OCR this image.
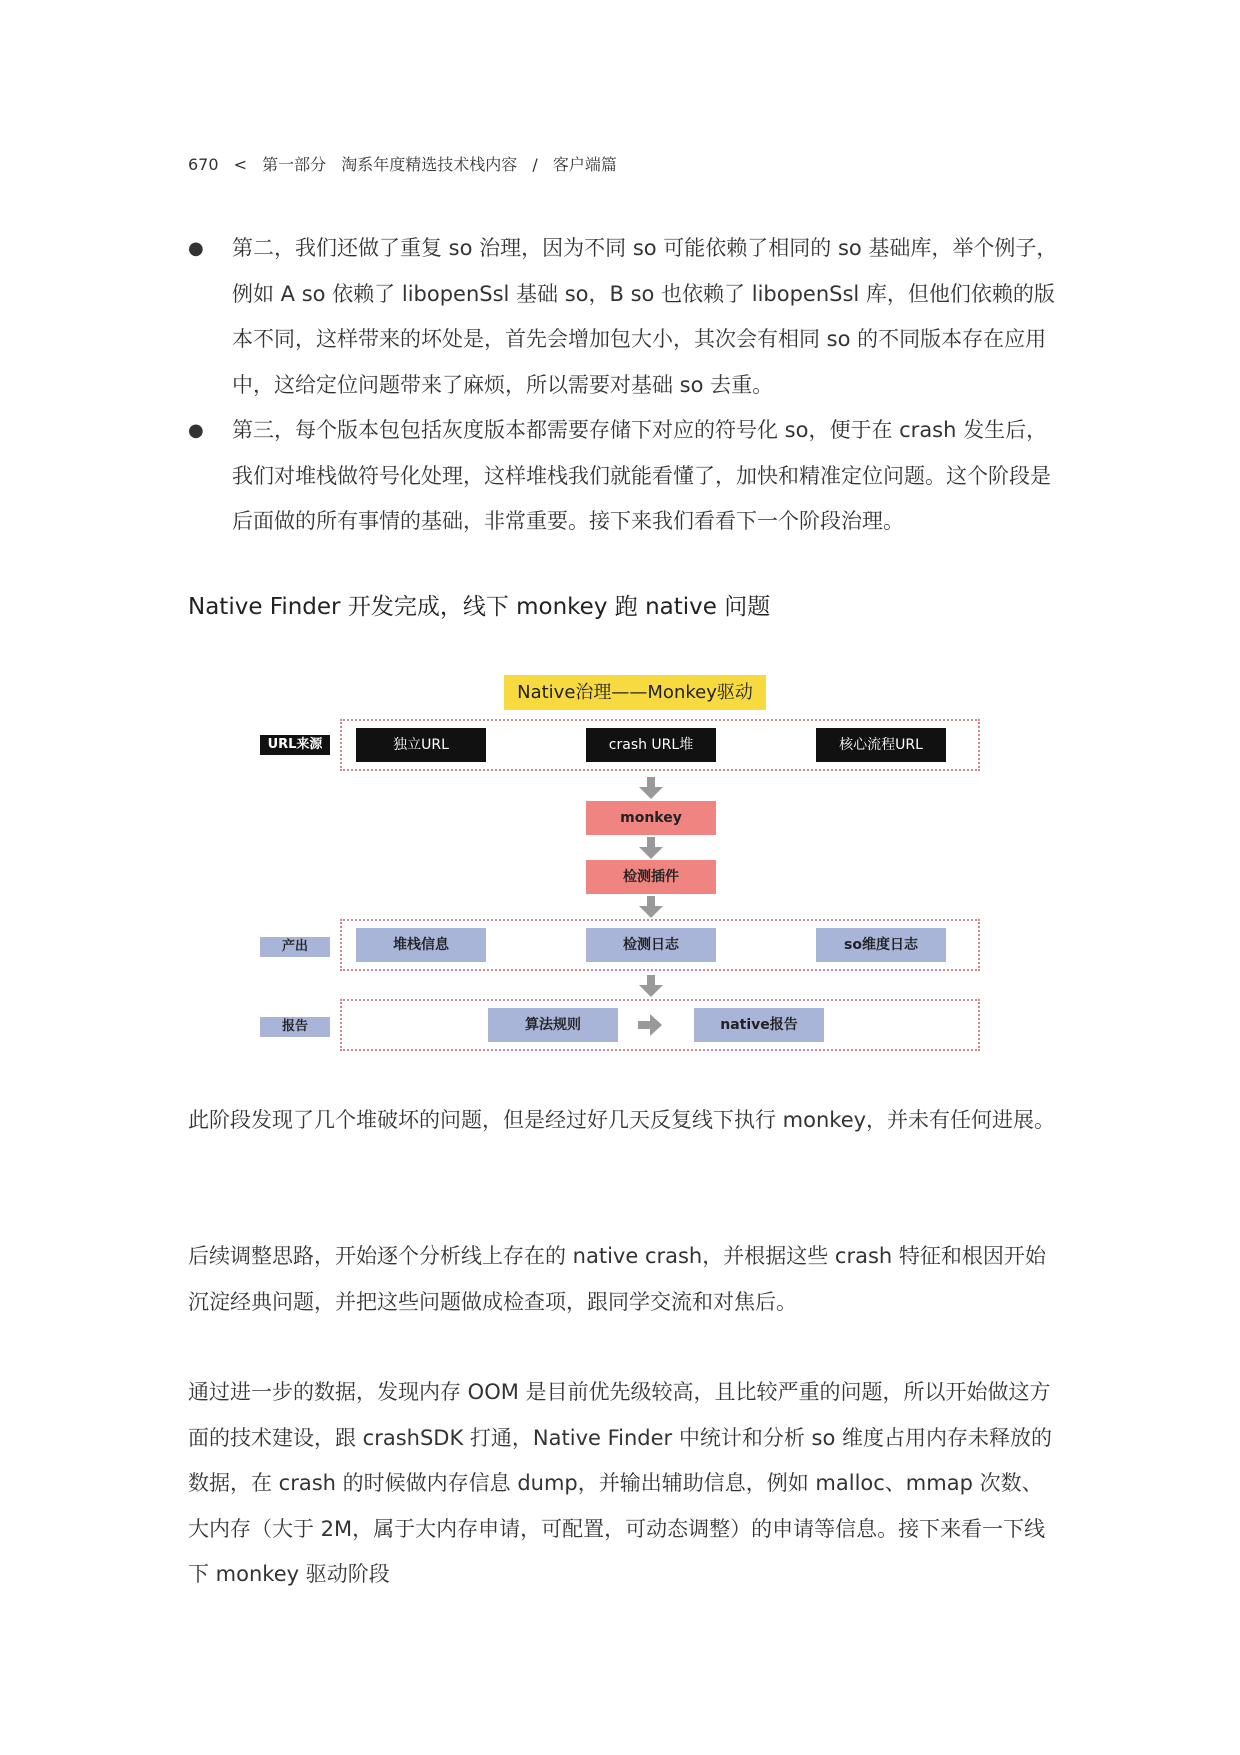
670 < 第一部分 淘系年度精选技术栈内容 / 客户端篇
● 第二，我们还做了重复 so 治理，因为不同 so 可能依赖了相同的 so 基础库，举个例子，例如 A so 依赖了 libopenSsl 基础 so，B so 也依赖了 libopenSsl 库，但他们依赖的版本不同，这样带来的坏处是，首先会增加包大小，其次会有相同 so 的不同版本存在应用中，这给定位问题带来了麻烦，所以需要对基础 so 去重。
● 第三，每个版本包包括灰度版本都需要存储下对应的符号化 so，便于在 crash 发生后，我们对堆栈做符号化处理，这样堆栈我们就能看懂了，加快和精准定位问题。这个阶段是后面做的所有事情的基础，非常重要。接下来我们看看下一个阶段治理。
Native Finder 开发完成，线下 monkey 跑 native 问题
Native治理——Monkey驱动
URL来源	独立URL	crash URL堆	核心流程URL
monkey
检测插件
产出	堆栈信息	检测日志	so维度日志
报告	算法规则	native报告
此阶段发现了几个堆破坏的问题，但是经过好几天反复线下执行 monkey，并未有任何进展。
后续调整思路，开始逐个分析线上存在的 native crash，并根据这些 crash 特征和根因开始沉淀经典问题，并把这些问题做成检查项，跟同学交流和对焦后。
通过进一步的数据，发现内存 OOM 是目前优先级较高，且比较严重的问题，所以开始做这方面的技术建设，跟 crashSDK 打通，Native Finder 中统计和分析 so 维度占用内存未释放的数据，在 crash 的时候做内存信息 dump，并输出辅助信息，例如 malloc、mmap 次数、大内存（大于 2M，属于大内存申请，可配置，可动态调整）的申请等信息。接下来看一下线下 monkey 驱动阶段
